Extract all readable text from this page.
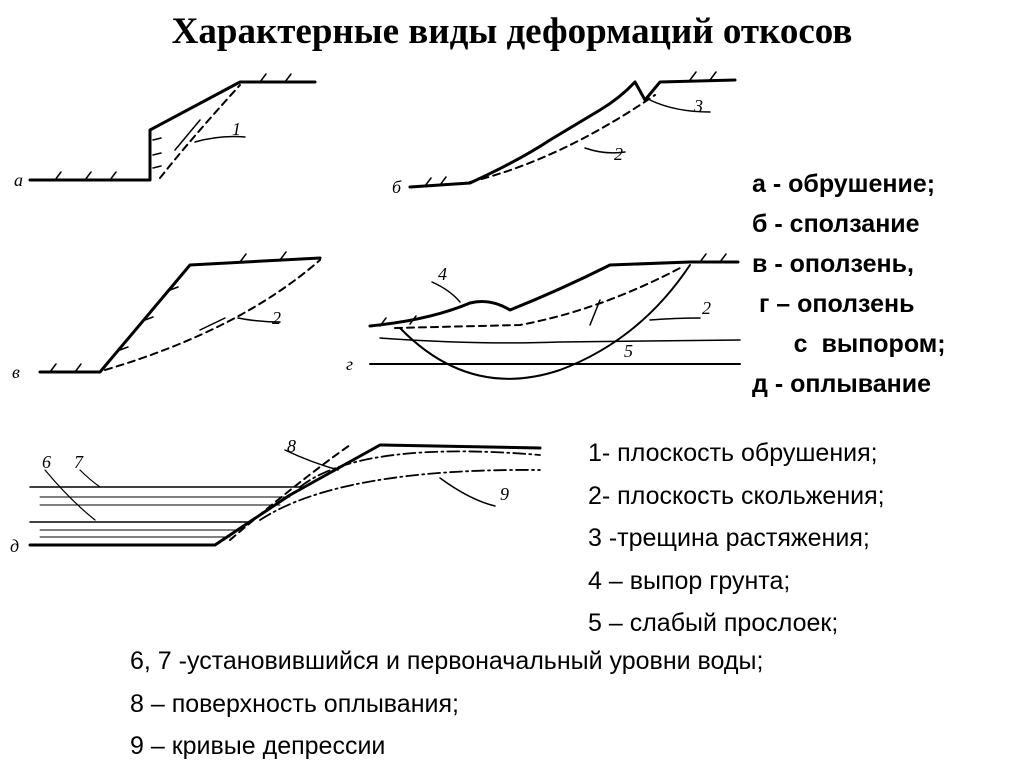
Характерные виды деформаций откосов
а
1
б
2
3
в
2
г
4
2
5
д
6 7
8
9
а - обрушение;
б - сползание
в - оползень,
г – оползень
с  выпором;
д - оплывание
1- плоскость обрушения;
2- плоскость скольжения;
3 -трещина растяжения;
4 – выпор грунта;
5 – слабый прослоек;
6, 7 -установившийся и первоначальный уровни воды;
8 – поверхность оплывания;
9 – кривые депрессии
